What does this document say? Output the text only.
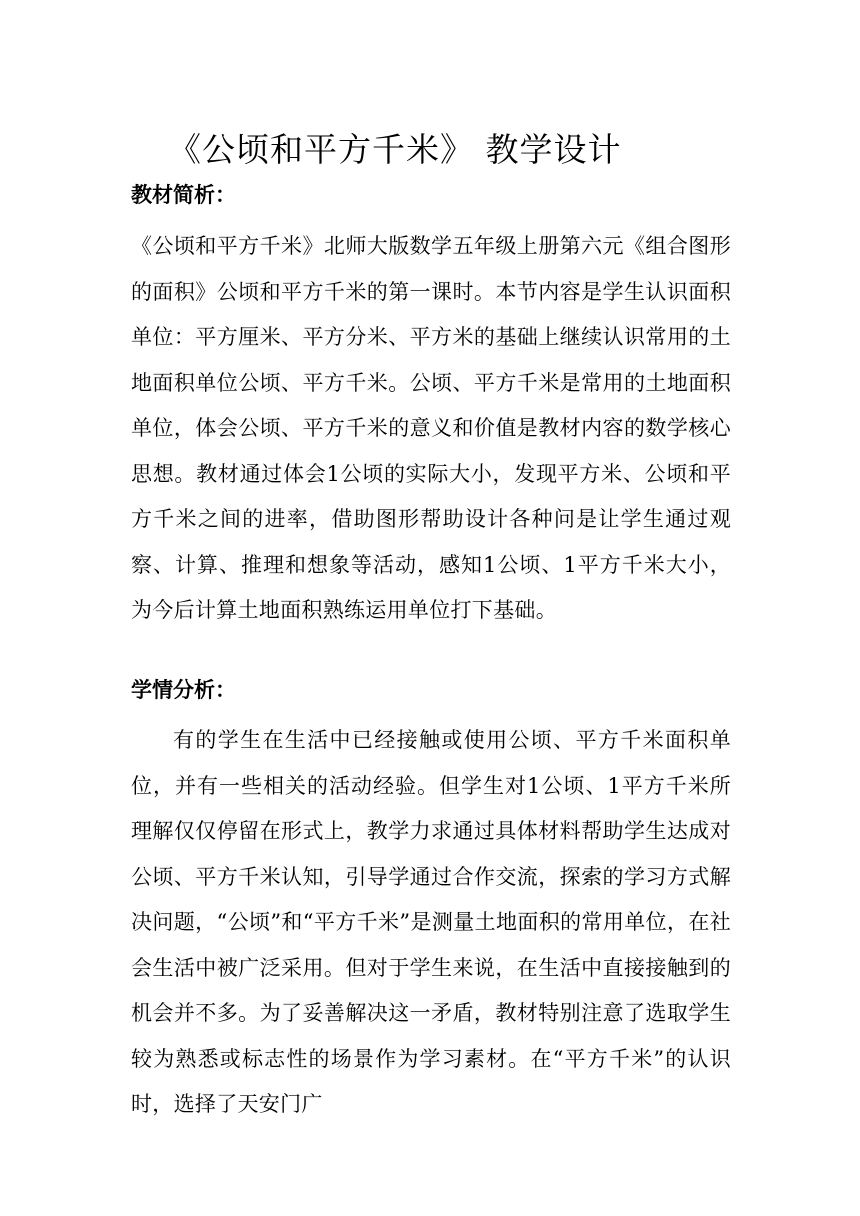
《公顷和平方千米》 教学设计
教材简析：

《公顷和平方千米》北师大版数学五年级上册第六元《组合图形的面积》公顷和平方千米的第一课时。本节内容是学生认识面积单位：平方厘米、平方分米、平方米的基础上继续认识常用的土地面积单位公顷、平方千米。公顷、平方千米是常用的土地面积单位，体会公顷、平方千米的意义和价值是教材内容的数学核心思想。教材通过体会1公顷的实际大小，发现平方米、公顷和平方千米之间的进率，借助图形帮助设计各种问是让学生通过观察、计算、推理和想象等活动，感知1公顷、1平方千米大小，为今后计算土地面积熟练运用单位打下基础。

学情分析：

有的学生在生活中已经接触或使用公顷、平方千米面积单位，并有一些相关的活动经验。但学生对1公顷、1平方千米所理解仅仅停留在形式上，教学力求通过具体材料帮助学生达成对公顷、平方千米认知，引导学通过合作交流，探索的学习方式解决问题，“公顷”和“平方千米”是测量土地面积的常用单位，在社会生活中被广泛采用。但对于学生来说，在生活中直接接触到的机会并不多。为了妥善解决这一矛盾，教材特别注意了选取学生较为熟悉或标志性的场景作为学习素材。在“平方千米”的认识时，选择了天安门广
